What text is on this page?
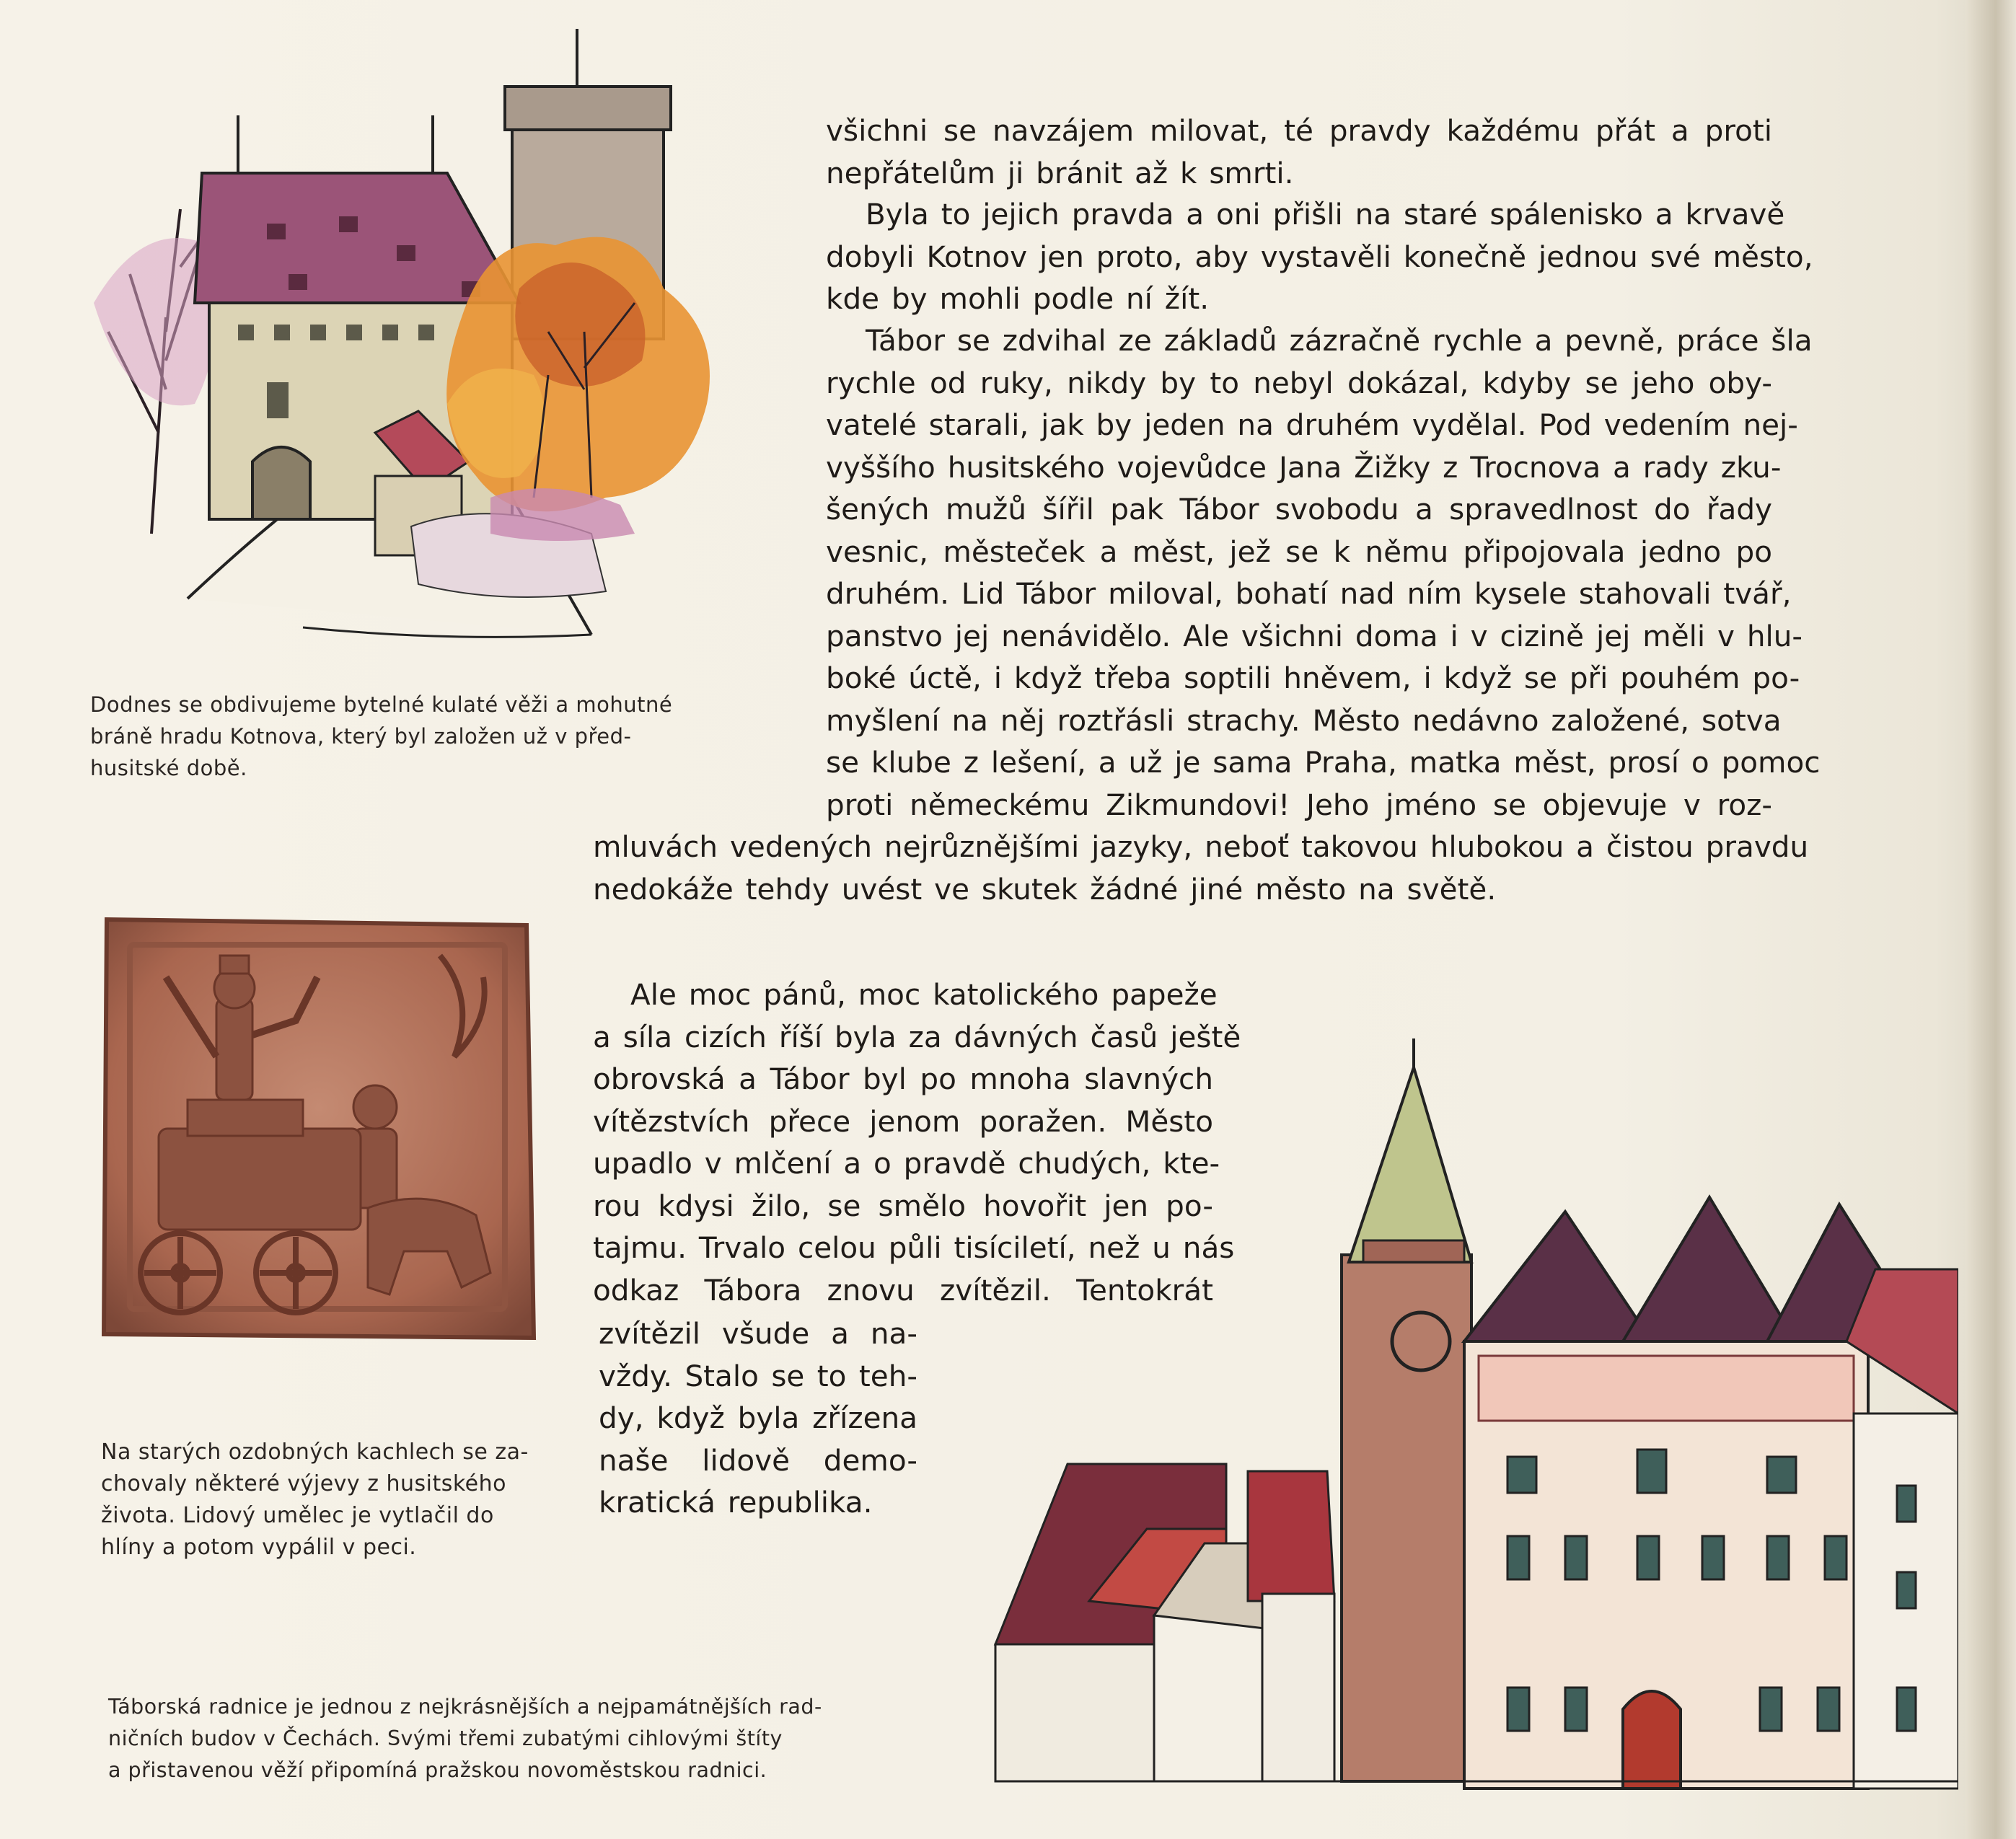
Dodnes se obdivujeme bytelné kulaté věži a mohutné
bráně hradu Kotnova, který byl založen už v před-
husitské době.

Na starých ozdobných kachlech se za-
chovaly některé výjevy z husitského
života. Lidový umělec je vytlačil do
hlíny a potom vypálil v peci.

Táborská radnice je jednou z nejkrásnějších a nejpamátnějších rad-
ničních budov v Čechách. Svými třemi zubatými cihlovými štíty
a přistavenou věží připomíná pražskou novoměstskou radnici.

všichni se navzájem milovat, té pravdy každému přát a proti
nepřátelům ji bránit až k smrti.

Byla to jejich pravda a oni přišli na staré spálenisko a krvavě
dobyli Kotnov jen proto, aby vystavěli konečně jednou své město,
kde by mohli podle ní žít.

Tábor se zdvihal ze základů zázračně rychle a pevně, práce šla
rychle od ruky, nikdy by to nebyl dokázal, kdyby se jeho oby-
vatelé starali, jak by jeden na druhém vydělal. Pod vedením nej-
vyššího husitského vojevůdce Jana Žižky z Trocnova a rady zku-
šených mužů šířil pak Tábor svobodu a spravedlnost do řady
vesnic, městeček a měst, jež se k němu připojovala jedno po
druhém. Lid Tábor miloval, bohatí nad ním kysele stahovali tvář,
panstvo jej nenávidělo. Ale všichni doma i v cizině jej měli v hlu-
boké úctě, i když třeba soptili hněvem, i když se při pouhém po-
myšlení na něj roztřásli strachy. Město nedávno založené, sotva
se klube z lešení, a už je sama Praha, matka měst, prosí o pomoc
proti německému Zikmundovi! Jeho jméno se objevuje v roz-

mluvách vedených nejrůznějšími jazyky, neboť takovou hlubokou a čistou pravdu
nedokáže tehdy uvést ve skutek žádné jiné město na světě.

Ale moc pánů, moc katolického papeže
a síla cizích říší byla za dávných časů ještě
obrovská a Tábor byl po mnoha slavných
vítězstvích přece jenom poražen. Město
upadlo v mlčení a o pravdě chudých, kte-
rou kdysi žilo, se smělo hovořit jen po-
tajmu. Trvalo celou půli tisíciletí, než u nás
odkaz Tábora znovu zvítězil. Tentokrát

zvítězil všude a na-
vždy. Stalo se to teh-
dy, když byla zřízena
naše lidově demo-
kratická republika.
